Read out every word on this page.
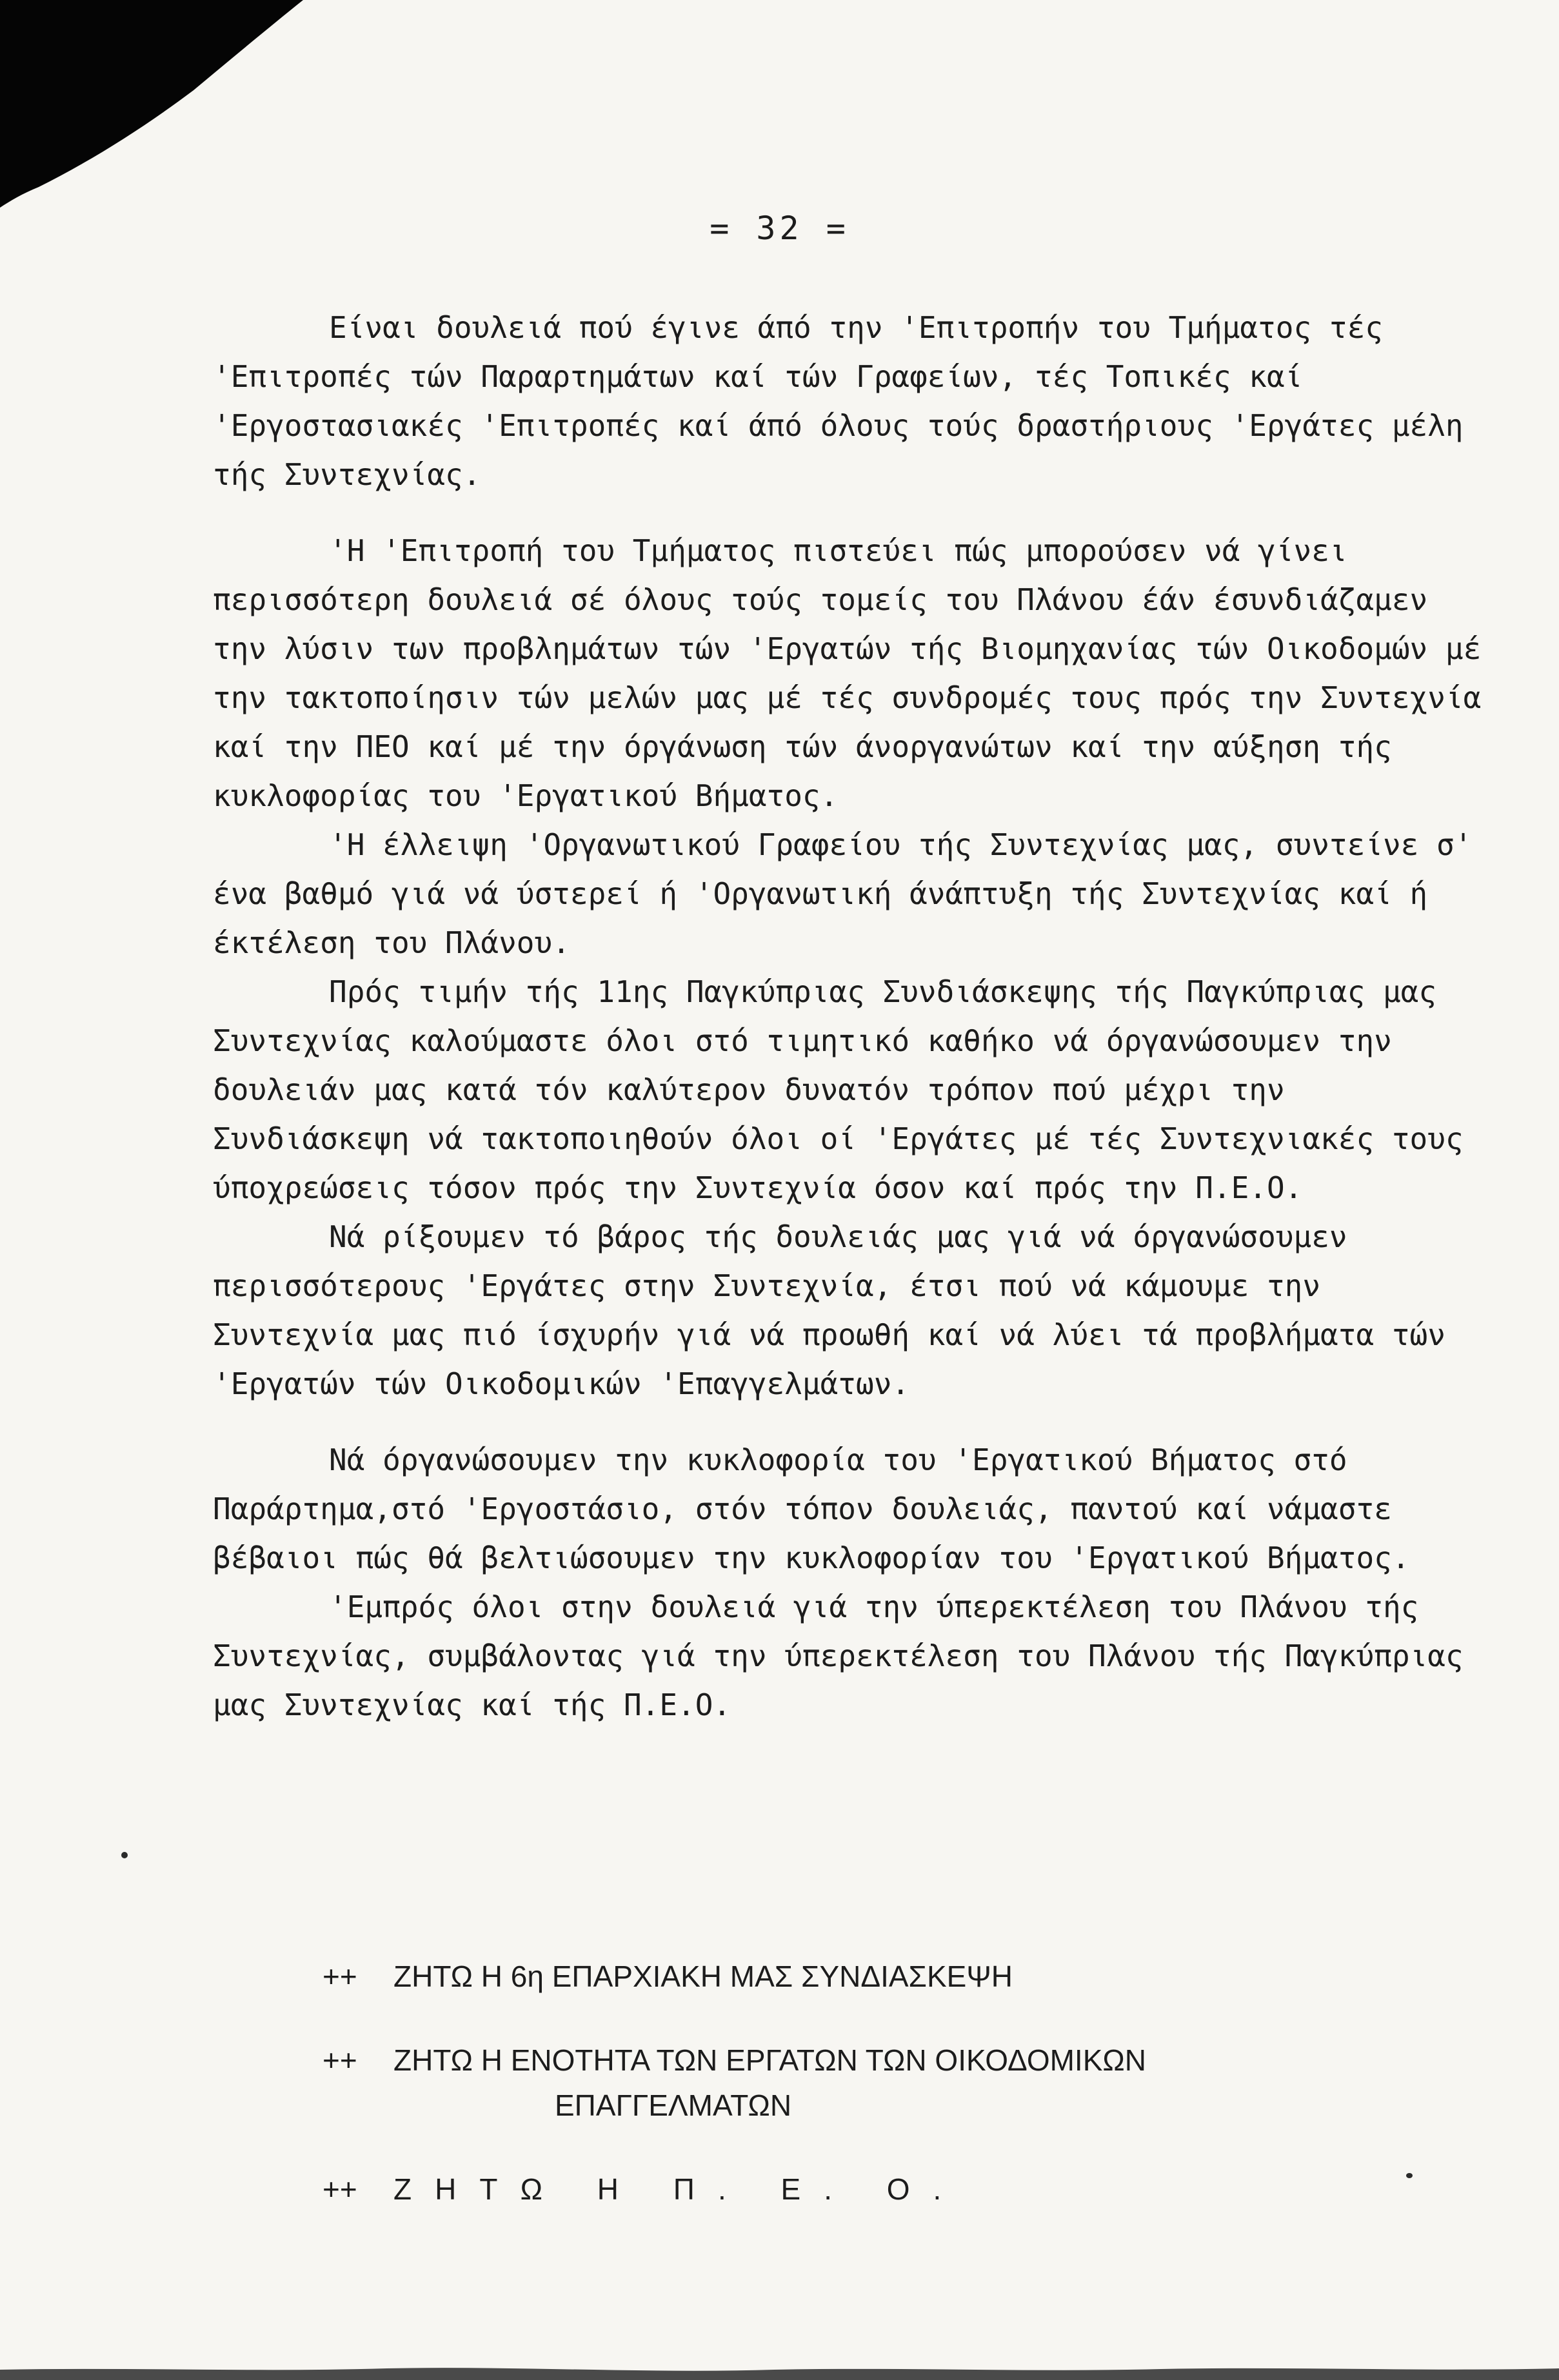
= 32 =

Είναι δουλειά πού έγινε άπό την 'Επιτροπήν του Τμήματος τές 'Επιτροπές τών Παραρτημάτων καί τών Γραφείων, τές Τοπικές καί 'Εργοστασιακές 'Επιτροπές καί άπό όλους τούς δραστήριους 'Εργάτες μέλη τής Συντεχνίας.

'Η 'Επιτροπή του Τμήματος πιστεύει πώς μπορούσεν νά γίνει περισσότερη δουλειά σέ όλους τούς τομείς του Πλάνου έάν έσυνδιάζαμεν την λύσιν των προβλημάτων τών 'Εργατών τής Βιομηχανίας τών Οικοδομών μέ την τακτοποίησιν τών μελών μας μέ τές συνδρομές τους πρός την Συντεχνία καί την ΠΕΟ καί μέ την όργάνωση τών άνοργανώτων καί την αύξηση τής κυκλοφορίας του 'Εργατικού Βήματος.

'Η έλλειψη 'Οργανωτικού Γραφείου τής Συντεχνίας μας, συντείνε σ' ένα βαθμό γιά νά ύστερεί ή 'Οργανωτική άνάπτυξη τής Συντεχνίας καί ή έκτέλεση του Πλάνου.

Πρός τιμήν τής 11ης Παγκύπριας Συνδιάσκεψης τής Παγκύπριας μας Συντεχνίας καλούμαστε όλοι στό τιμητικό καθήκο νά όργανώσουμεν την δουλειάν μας κατά τόν καλύτερον δυνατόν τρόπον πού μέχρι την Συνδιάσκεψη νά τακτοποιηθούν όλοι οί 'Εργάτες μέ τές Συντεχνιακές τους ύποχρεώσεις τόσον πρός την Συντεχνία όσον καί πρός την Π.Ε.Ο.

Νά ρίξουμεν τό βάρος τής δουλειάς μας γιά νά όργανώσουμεν περισσότερους 'Εργάτες στην Συντεχνία, έτσι πού νά κάμουμε την Συντεχνία μας πιό ίσχυρήν γιά νά προωθή καί νά λύει τά προβλήματα τών 'Εργατών τών Οικοδομικών 'Επαγγελμάτων.

Νά όργανώσουμεν την κυκλοφορία του 'Εργατικού Βήματος στό Παράρτημα,στό 'Εργοστάσιο, στόν τόπον δουλειάς, παντού καί νάμαστε βέβαιοι πώς θά βελτιώσουμεν την κυκλοφορίαν του 'Εργατικού Βήματος.

'Εμπρός όλοι στην δουλειά γιά την ύπερεκτέλεση του Πλάνου τής Συντεχνίας, συμβάλοντας γιά την ύπερεκτέλεση του Πλάνου τής Παγκύπριας μας Συντεχνίας καί τής Π.Ε.Ο.

++ ΖΗΤΩ Η 6η ΕΠΑΡΧΙΑΚΗ ΜΑΣ ΣΥΝΔΙΑΣΚΕΨΗ
++ ΖΗΤΩ Η ΕΝΟΤΗΤΑ ΤΩΝ ΕΡΓΑΤΩΝ ΤΩΝ ΟΙΚΟΔΟΜΙΚΩΝ
ΕΠΑΓΓΕΛΜΑΤΩΝ
++ ΖΗΤΩ Η Π. Ε. Ο.
